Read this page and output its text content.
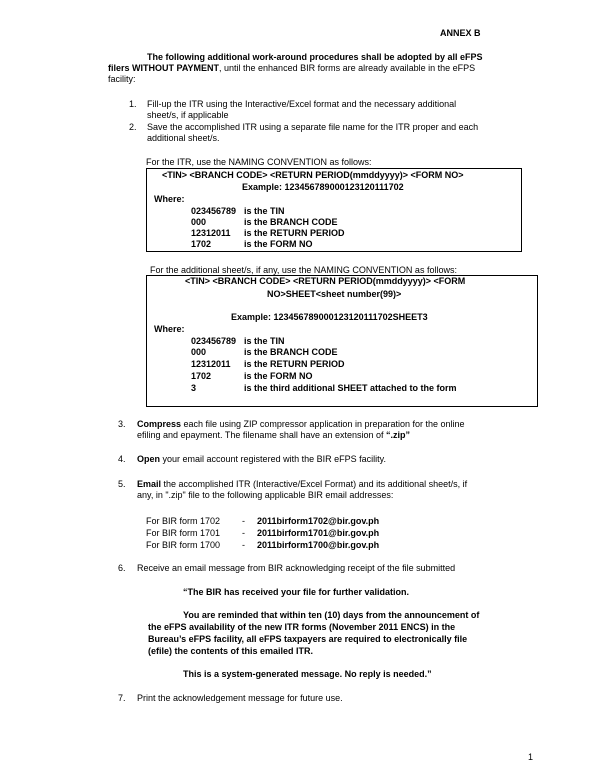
ANNEX B
The following additional work-around procedures shall be adopted by all eFPS
filers WITHOUT PAYMENT, until the enhanced BIR forms are already available in the eFPS
facility:
1. Fill-up the ITR using the Interactive/Excel format and the necessary additional
sheet/s, if applicable
2. Save the accomplished ITR using a separate file name for the ITR proper and each
additional sheet/s.
For the ITR, use the NAMING CONVENTION as follows:
<TIN> <BRANCH CODE> <RETURN PERIOD(mmddyyyy)> <FORM NO>
Example: 123456789000123120111702
Where:
023456789 is the TIN
000	is the BRANCH CODE
12312011 is the RETURN PERIOD
1702	is the FORM NO
For the additional sheet/s, if any, use the NAMING CONVENTION as follows:
<TIN> <BRANCH CODE> <RETURN PERIOD(mmddyyyy)> <FORM
NO>SHEET<sheet number(99)>
Example: 123456789000123120111702SHEET3
Where:
023456789 is the TIN
000	is the BRANCH CODE
12312011 is the RETURN PERIOD
1702	is the FORM NO
3	is the third additional SHEET attached to the form
3. Compress each file using ZIP compressor application in preparation for the online
efiling and epayment. The filename shall have an extension of “.zip”
4. Open your email account registered with the BIR eFPS facility.
5. Email the accomplished ITR (Interactive/Excel Format) and its additional sheet/s, if
any, in ".zip" file to the following applicable BIR email addresses:
For BIR form 1702 - 2011birform1702@bir.gov.ph
For BIR form 1701 - 2011birform1701@bir.gov.ph
For BIR form 1700 - 2011birform1700@bir.gov.ph
6. Receive an email message from BIR acknowledging receipt of the file submitted
“The BIR has received your file for further validation.
You are reminded that within ten (10) days from the announcement of
the eFPS availability of the new ITR forms (November 2011 ENCS) in the
Bureau’s eFPS facility, all eFPS taxpayers are required to electronically file
(efile) the contents of this emailed ITR.
This is a system-generated message. No reply is needed.”
7. Print the acknowledgement message for future use.
1
